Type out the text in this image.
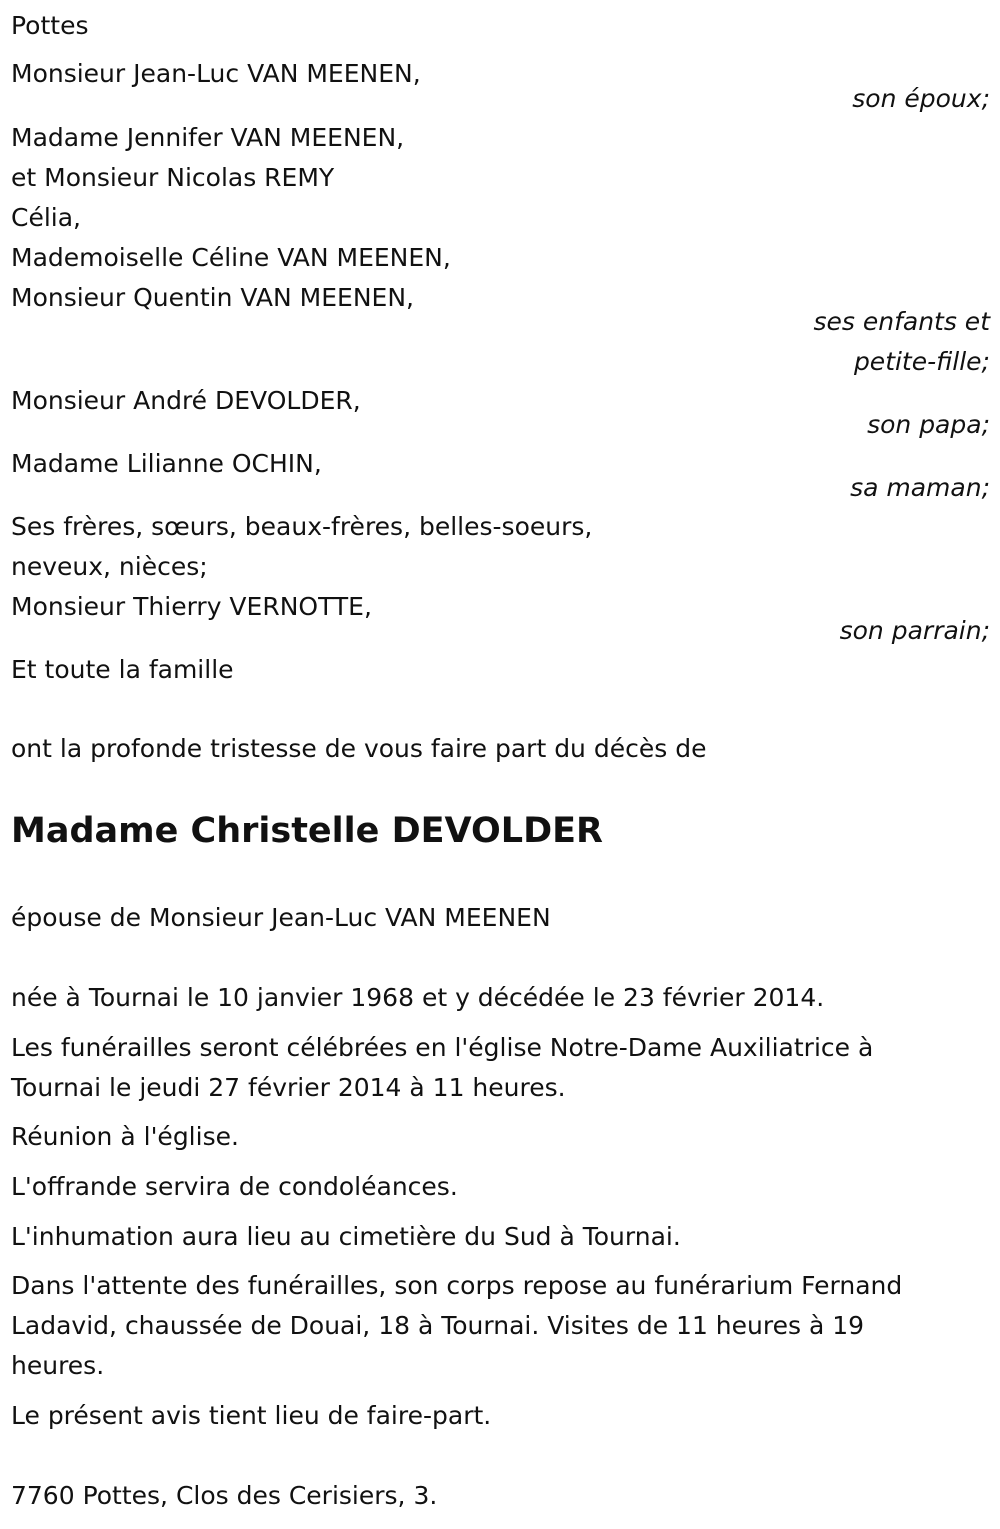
Pottes
Monsieur Jean-Luc VAN MEENEN,
son époux;
Madame Jennifer VAN MEENEN,
et Monsieur Nicolas REMY
Célia,
Mademoiselle Céline VAN MEENEN,
Monsieur Quentin VAN MEENEN,
ses enfants et
petite-fille;
Monsieur André DEVOLDER,
son papa;
Madame Lilianne OCHIN,
sa maman;
Ses frères, sœurs, beaux-frères, belles-soeurs,
neveux, nièces;
Monsieur Thierry VERNOTTE,
son parrain;
Et toute la famille
ont la profonde tristesse de vous faire part du décès de
Madame Christelle DEVOLDER
épouse de Monsieur Jean-Luc VAN MEENEN
née à Tournai le 10 janvier 1968 et y décédée le 23 février 2014.
Les funérailles seront célébrées en l'église Notre-Dame Auxiliatrice à
Tournai le jeudi 27 février 2014 à 11 heures.
Réunion à l'église.
L'offrande servira de condoléances.
L'inhumation aura lieu au cimetière du Sud à Tournai.
Dans l'attente des funérailles, son corps repose au funérarium Fernand
Ladavid, chaussée de Douai, 18 à Tournai. Visites de 11 heures à 19
heures.
Le présent avis tient lieu de faire-part.
7760 Pottes, Clos des Cerisiers, 3.
